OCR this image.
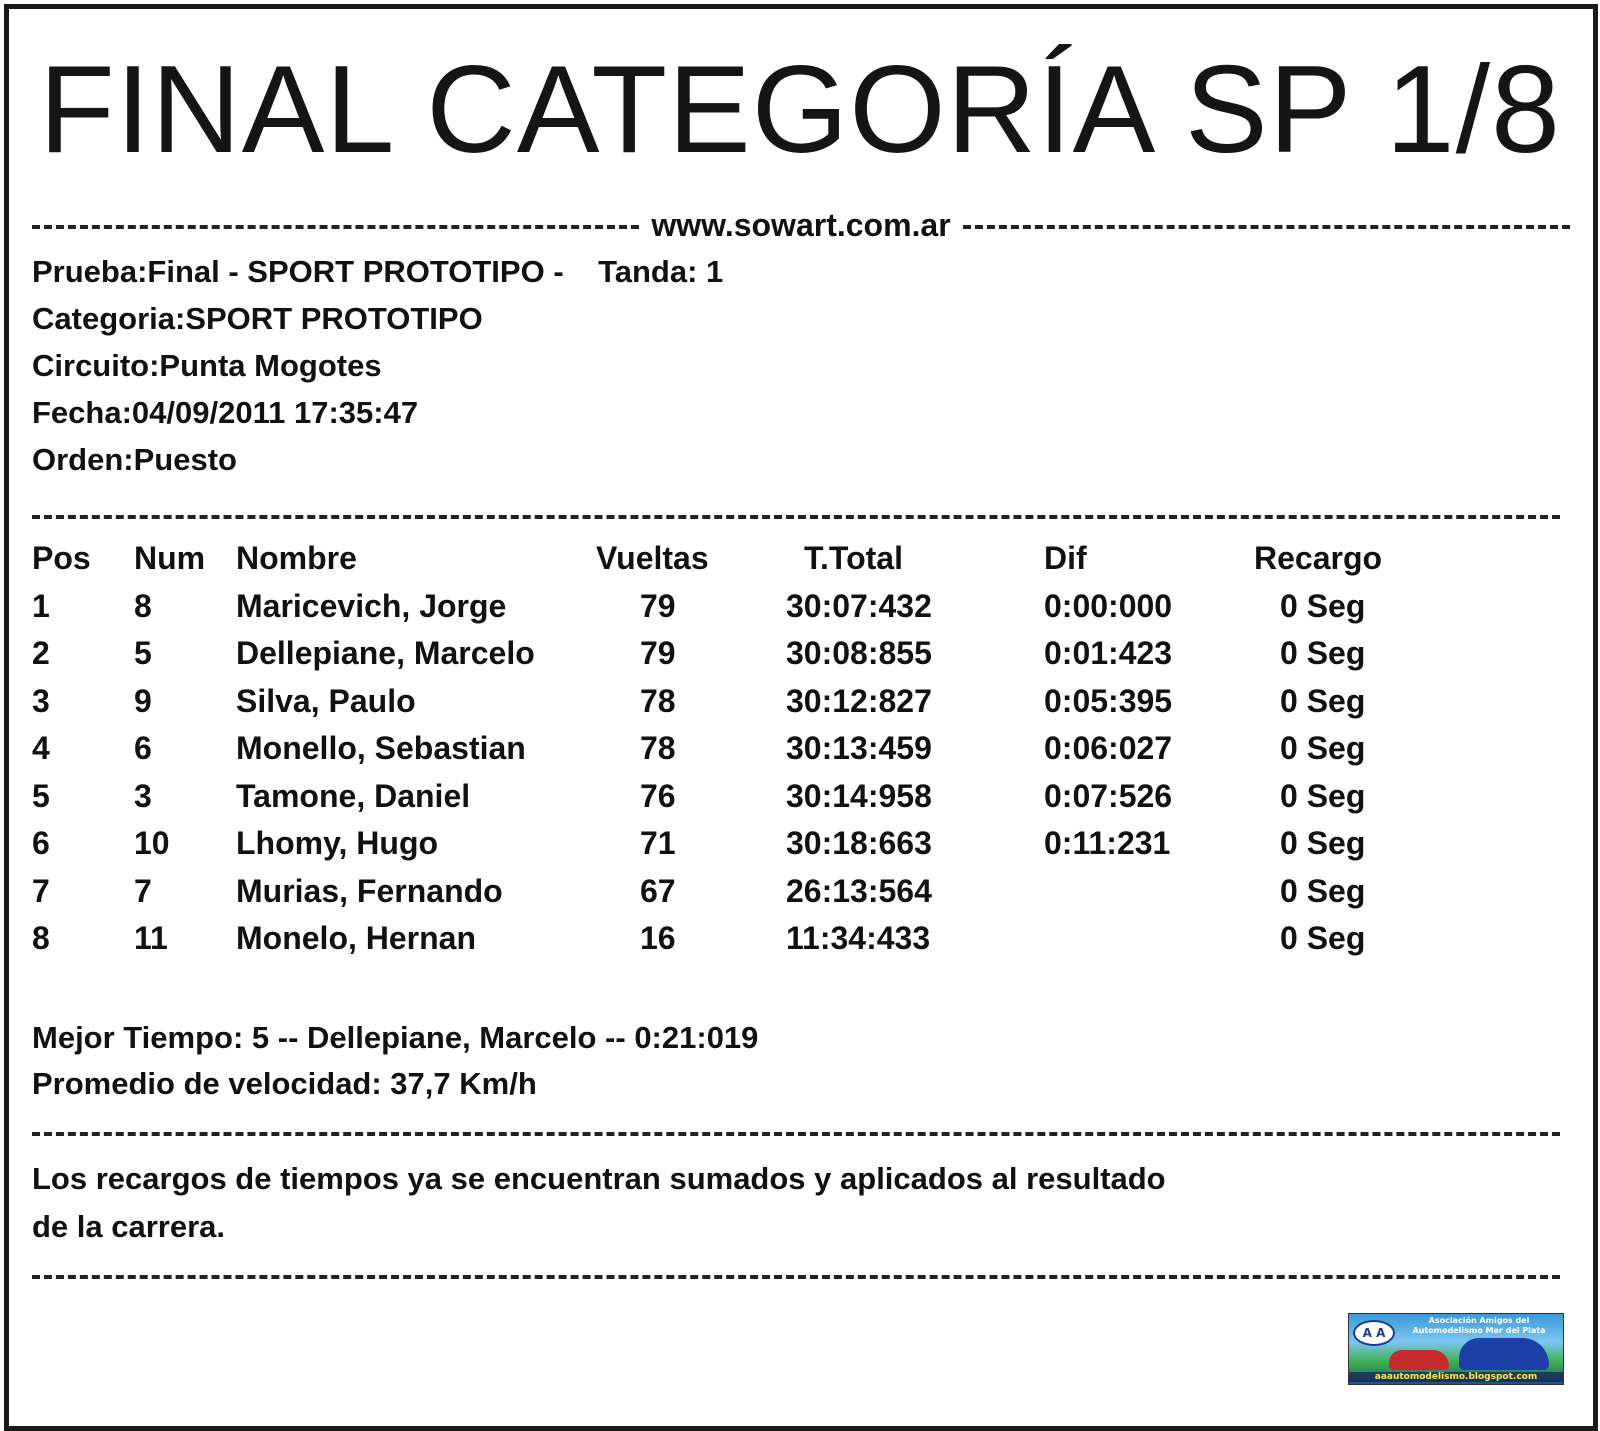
FINAL CATEGORÍA SP 1/8
www.sowart.com.ar
Prueba:Final - SPORT PROTOTIPO -    Tanda: 1
Categoria:SPORT PROTOTIPO
Circuito:Punta Mogotes
Fecha:04/09/2011 17:35:47
Orden:Puesto
Pos	Num	Nombre	Vueltas	T.Total	Dif	Recargo
1	8	Maricevich, Jorge	79	30:07:432	0:00:000	0 Seg
2	5	Dellepiane, Marcelo	79	30:08:855	0:01:423	0 Seg
3	9	Silva, Paulo	78	30:12:827	0:05:395	0 Seg
4	6	Monello, Sebastian	78	30:13:459	0:06:027	0 Seg
5	3	Tamone, Daniel	76	30:14:958	0:07:526	0 Seg
6	10	Lhomy, Hugo	71	30:18:663	0:11:231	0 Seg
7	7	Murias, Fernando	67	26:13:564		0 Seg
8	11	Monelo, Hernan	16	11:34:433		0 Seg
Mejor Tiempo: 5 -- Dellepiane, Marcelo -- 0:21:019
Promedio de velocidad: 37,7 Km/h
Los recargos de tiempos ya se encuentran sumados y aplicados al resultado
de la carrera.
A A
Asociación Amigos del Automodelismo Mar del Plata
aaautomodelismo.blogspot.com
